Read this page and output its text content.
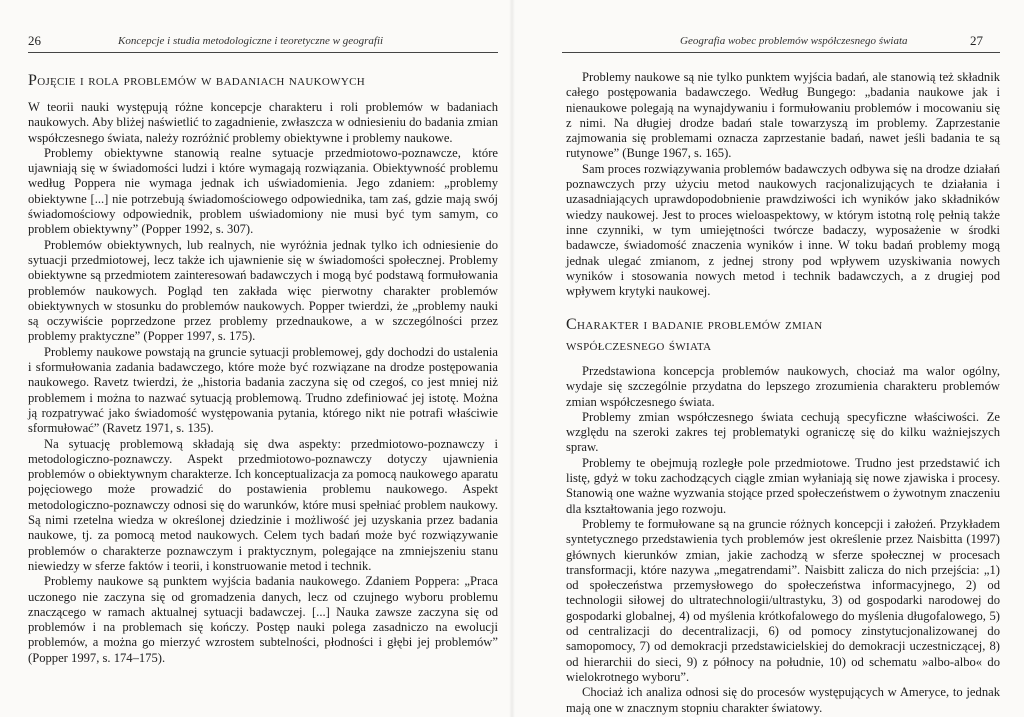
26	Koncepcje i studia metodologiczne i teoretyczne w geografii
Pojęcie i rola problemów w badaniach naukowych

W teorii nauki występują różne koncepcje charakteru i roli problemów w badaniach naukowych. Aby bliżej naświetlić to zagadnienie, zwłaszcza w odniesieniu do badania zmian współczesnego świata, należy rozróżnić problemy obiektywne i problemy naukowe.

Problemy obiektywne stanowią realne sytuacje przedmiotowo-poznawcze, które ujawniają się w świadomości ludzi i które wymagają rozwiązania. Obiektywność problemu według Poppera nie wymaga jednak ich uświadomienia. Jego zdaniem: „problemy obiektywne [...] nie potrzebują świadomościowego odpowiednika, tam zaś, gdzie mają swój świadomościowy odpowiednik, problem uświadomiony nie musi być tym samym, co problem obiektywny” (Popper 1992, s. 307).

Problemów obiektywnych, lub realnych, nie wyróżnia jednak tylko ich odniesienie do sytuacji przedmiotowej, lecz także ich ujawnienie się w świadomości społecznej. Problemy obiektywne są przedmiotem zainteresowań badawczych i mogą być podstawą formułowania problemów naukowych. Pogląd ten zakłada więc pierwotny charakter problemów obiektywnych w stosunku do problemów naukowych. Popper twierdzi, że „problemy nauki są oczywiście poprzedzone przez problemy przednaukowe, a w szczególności przez problemy praktyczne” (Popper 1997, s. 175).

Problemy naukowe powstają na gruncie sytuacji problemowej, gdy dochodzi do ustalenia i sformułowania zadania badawczego, które może być rozwiązane na drodze postępowania naukowego. Ravetz twierdzi, że „historia badania zaczyna się od czegoś, co jest mniej niż problemem i można to nazwać sytuacją problemową. Trudno zdefiniować jej istotę. Można ją rozpatrywać jako świadomość występowania pytania, którego nikt nie potrafi właściwie sformułować” (Ravetz 1971, s. 135).

Na sytuację problemową składają się dwa aspekty: przedmiotowo-poznawczy i metodologiczno-poznawczy. Aspekt przedmiotowo-poznawczy dotyczy ujawnienia problemów o obiektywnym charakterze. Ich konceptualizacja za pomocą naukowego aparatu pojęciowego może prowadzić do postawienia problemu naukowego. Aspekt metodologiczno-poznawczy odnosi się do warunków, które musi spełniać problem naukowy. Są nimi rzetelna wiedza w określonej dziedzinie i możliwość jej uzyskania przez badania naukowe, tj. za pomocą metod naukowych. Celem tych badań może być rozwiązywanie problemów o charakterze poznawczym i praktycznym, polegające na zmniejszeniu stanu niewiedzy w sferze faktów i teorii, i konstruowanie metod i technik.

Problemy naukowe są punktem wyjścia badania naukowego. Zdaniem Poppera: „Praca uczonego nie zaczyna się od gromadzenia danych, lecz od czujnego wyboru problemu znaczącego w ramach aktualnej sytuacji badawczej. [...] Nauka zawsze zaczyna się od problemów i na problemach się kończy. Postęp nauki polega zasadniczo na ewolucji problemów, a można go mierzyć wzrostem subtelności, płodności i głębi jej problemów” (Popper 1997, s. 174–175).

Geografia wobec problemów współczesnego świata	27

Problemy naukowe są nie tylko punktem wyjścia badań, ale stanowią też składnik całego postępowania badawczego. Według Bungego: „badania naukowe jak i nienaukowe polegają na wynajdywaniu i formułowaniu problemów i mocowaniu się z nimi. Na długiej drodze badań stale towarzyszą im problemy. Zaprzestanie zajmowania się problemami oznacza zaprzestanie badań, nawet jeśli badania te są rutynowe” (Bunge 1967, s. 165).

Sam proces rozwiązywania problemów badawczych odbywa się na drodze działań poznawczych przy użyciu metod naukowych racjonalizujących te działania i uzasadniających uprawdopodobnienie prawdziwości ich wyników jako składników wiedzy naukowej. Jest to proces wieloaspektowy, w którym istotną rolę pełnią także inne czynniki, w tym umiejętności twórcze badaczy, wyposażenie w środki badawcze, świadomość znaczenia wyników i inne. W toku badań problemy mogą jednak ulegać zmianom, z jednej strony pod wpływem uzyskiwania nowych wyników i stosowania nowych metod i technik badawczych, a z drugiej pod wpływem krytyki naukowej.

Charakter i badanie problemów zmian
współczesnego świata

Przedstawiona koncepcja problemów naukowych, chociaż ma walor ogólny, wydaje się szczególnie przydatna do lepszego zrozumienia charakteru problemów zmian współczesnego świata.

Problemy zmian współczesnego świata cechują specyficzne właściwości. Ze względu na szeroki zakres tej problematyki ograniczę się do kilku ważniejszych spraw.

Problemy te obejmują rozległe pole przedmiotowe. Trudno jest przedstawić ich listę, gdyż w toku zachodzących ciągle zmian wyłaniają się nowe zjawiska i procesy. Stanowią one ważne wyzwania stojące przed społeczeństwem o żywotnym znaczeniu dla kształtowania jego rozwoju.

Problemy te formułowane są na gruncie różnych koncepcji i założeń. Przykładem syntetycznego przedstawienia tych problemów jest określenie przez Naisbitta (1997) głównych kierunków zmian, jakie zachodzą w sferze społecznej w procesach transformacji, które nazywa „megatrendami”. Naisbitt zalicza do nich przejścia: „1) od społeczeństwa przemysłowego do społeczeństwa informacyjnego, 2) od technologii siłowej do ultratechnologii/ultrastyku, 3) od gospodarki narodowej do gospodarki globalnej, 4) od myślenia krótkofalowego do myślenia długofalowego, 5) od centralizacji do decentralizacji, 6) od pomocy zinstytucjonalizowanej do samopomocy, 7) od demokracji przedstawicielskiej do demokracji uczestniczącej, 8) od hierarchii do sieci, 9) z północy na południe, 10) od schematu »albo-albo« do wielokrotnego wyboru”.

Chociaż ich analiza odnosi się do procesów występujących w Ameryce, to jednak mają one w znacznym stopniu charakter światowy.
